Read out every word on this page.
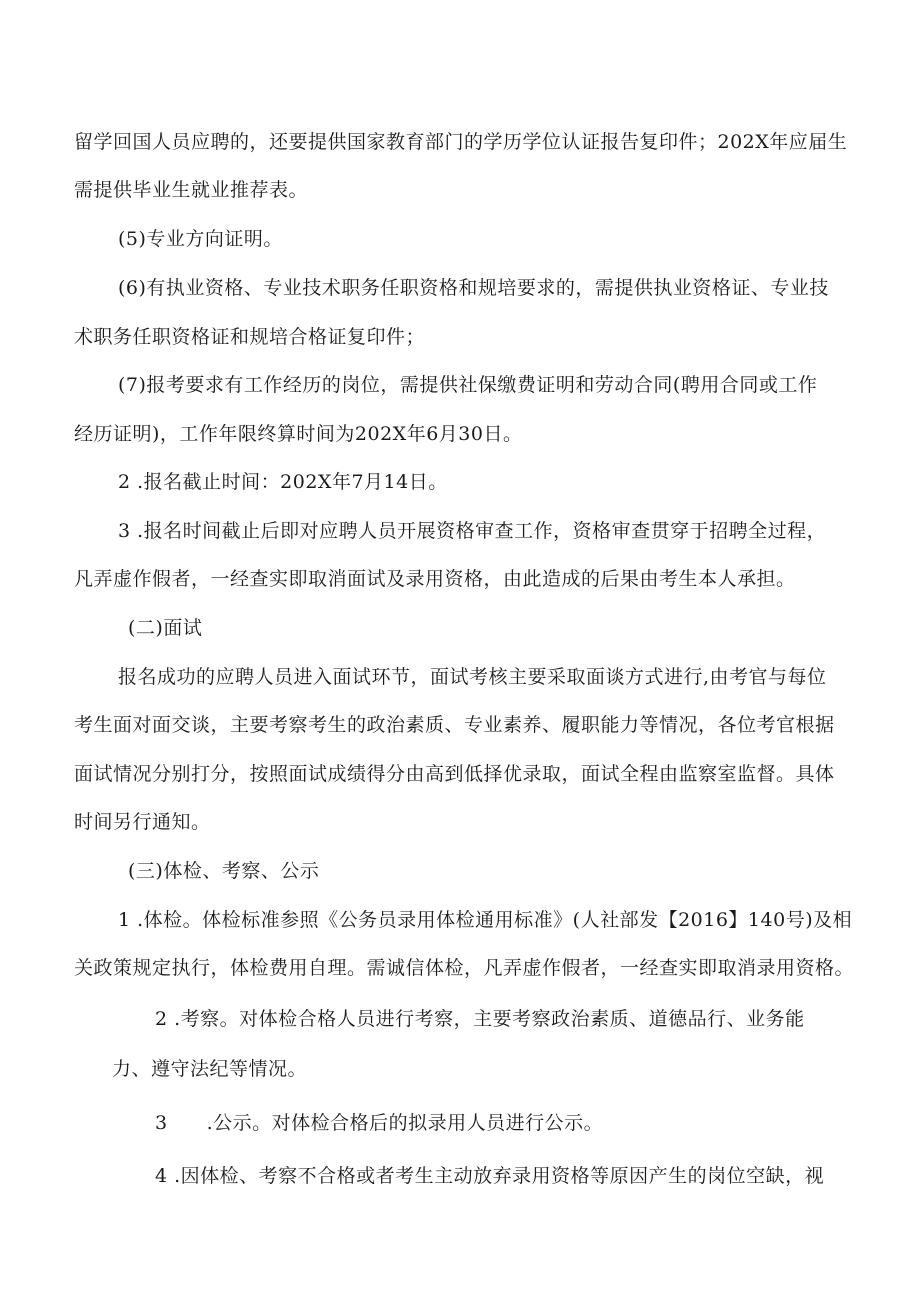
留学回国人员应聘的，还要提供国家教育部门的学历学位认证报告复印件；202X年应届生

需提供毕业生就业推荐表。

(5)专业方向证明。

(6)有执业资格、专业技术职务任职资格和规培要求的，需提供执业资格证、专业技

术职务任职资格证和规培合格证复印件；

(7)报考要求有工作经历的岗位，需提供社保缴费证明和劳动合同(聘用合同或工作

经历证明)，工作年限终算时间为202X年6月30日。

2 .报名截止时间：202X年7月14日。

3 .报名时间截止后即对应聘人员开展资格审查工作，资格审查贯穿于招聘全过程，

凡弄虚作假者，一经查实即取消面试及录用资格，由此造成的后果由考生本人承担。

(二)面试

报名成功的应聘人员进入面试环节，面试考核主要采取面谈方式进行,由考官与每位

考生面对面交谈，主要考察考生的政治素质、专业素养、履职能力等情况，各位考官根据

面试情况分别打分，按照面试成绩得分由高到低择优录取，面试全程由监察室监督。具体

时间另行通知。

(三)体检、考察、公示

1 .体检。体检标准参照《公务员录用体检通用标准》(人社部发【2016】140号)及相

关政策规定执行，体检费用自理。需诚信体检，凡弄虚作假者，一经查实即取消录用资格。

2 .考察。对体检合格人员进行考察，主要考察政治素质、道德品行、业务能

力、遵守法纪等情况。

3　　.公示。对体检合格后的拟录用人员进行公示。

4 .因体检、考察不合格或者考生主动放弃录用资格等原因产生的岗位空缺，视
